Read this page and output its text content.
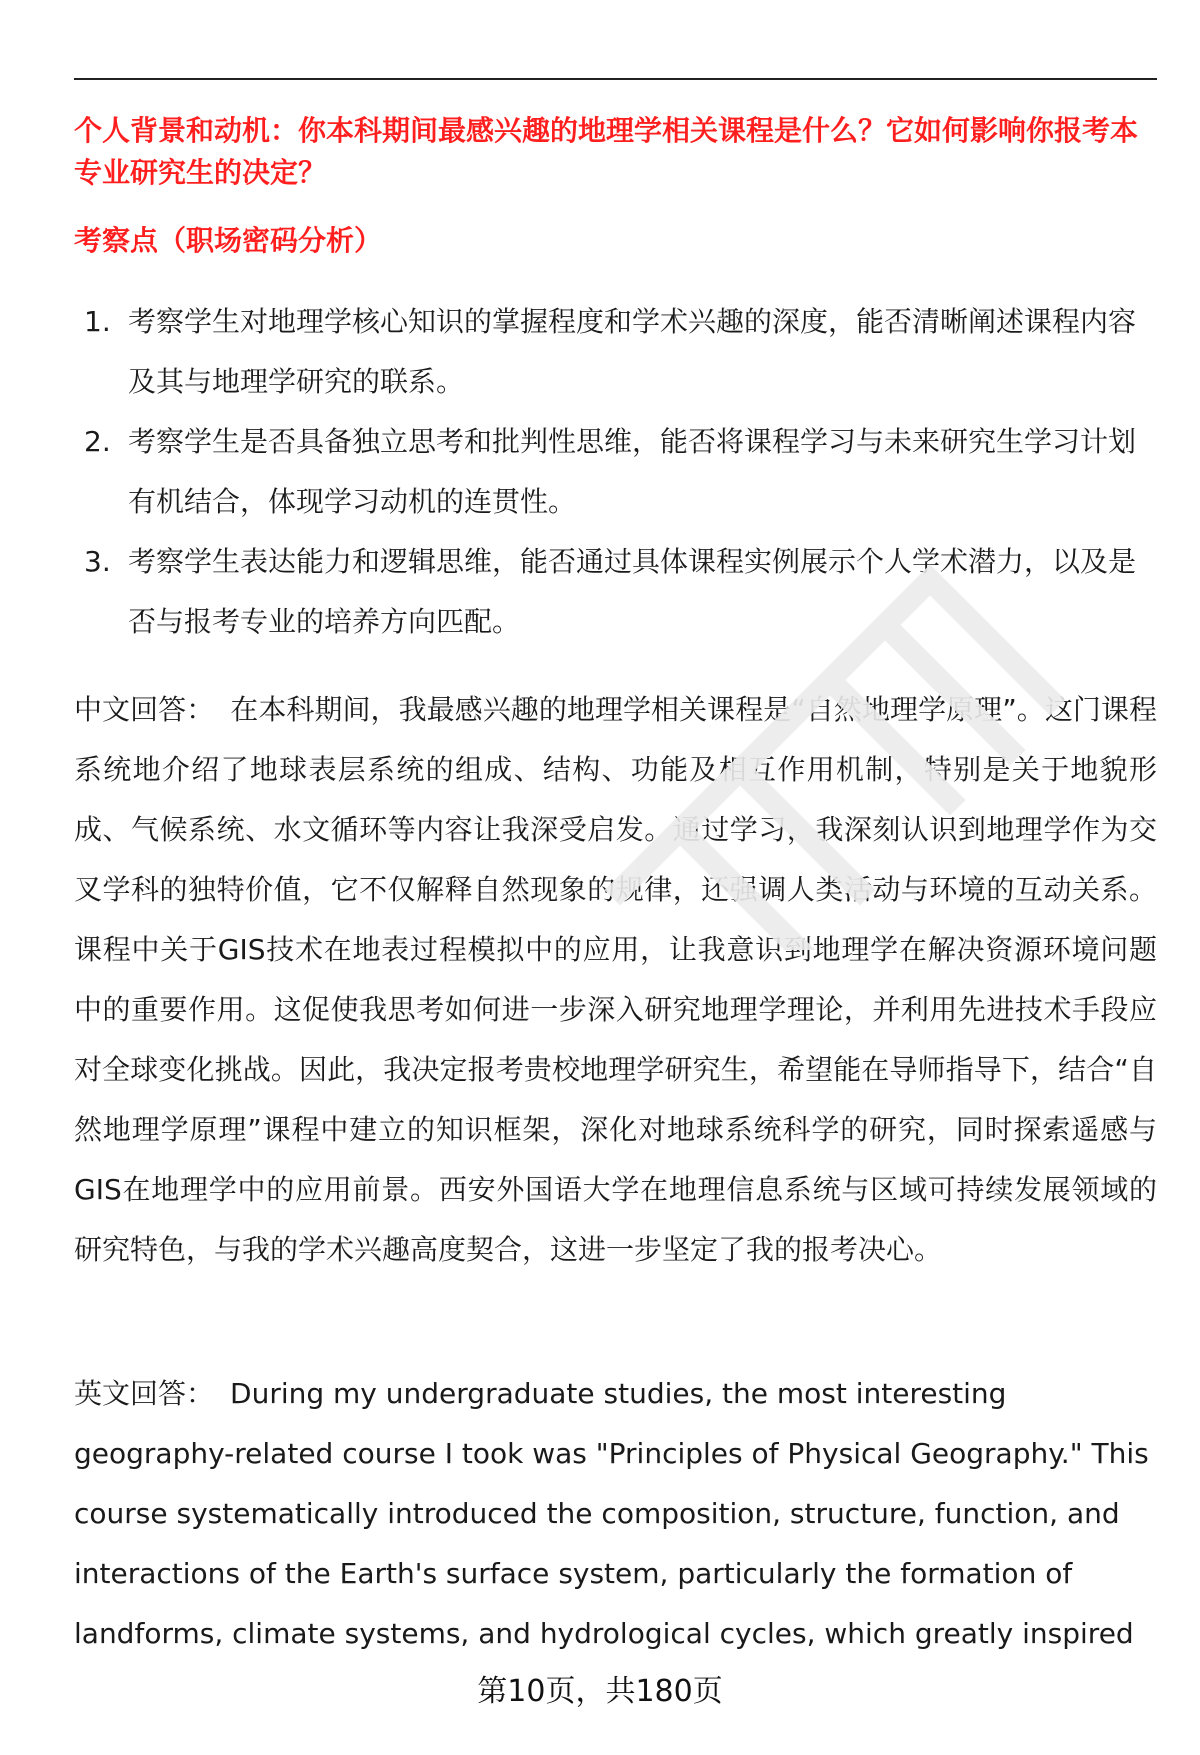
个人背景和动机：你本科期间最感兴趣的地理学相关课程是什么？它如何影响你报考本专业研究生的决定？
考察点（职场密码分析）
1. 考察学生对地理学核心知识的掌握程度和学术兴趣的深度，能否清晰阐述课程内容及其与地理学研究的联系。
2. 考察学生是否具备独立思考和批判性思维，能否将课程学习与未来研究生学习计划有机结合，体现学习动机的连贯性。
3. 考察学生表达能力和逻辑思维，能否通过具体课程实例展示个人学术潜力，以及是否与报考专业的培养方向匹配。

中文回答： 在本科期间，我最感兴趣的地理学相关课程是“自然地理学原理”。这门课程系统地介绍了地球表层系统的组成、结构、功能及相互作用机制，特别是关于地貌形成、气候系统、水文循环等内容让我深受启发。通过学习，我深刻认识到地理学作为交叉学科的独特价值，它不仅解释自然现象的规律，还强调人类活动与环境的互动关系。课程中关于GIS技术在地表过程模拟中的应用，让我意识到地理学在解决资源环境问题中的重要作用。这促使我思考如何进一步深入研究地理学理论，并利用先进技术手段应对全球变化挑战。因此，我决定报考贵校地理学研究生，希望能在导师指导下，结合“自然地理学原理”课程中建立的知识框架，深化对地球系统科学的研究，同时探索遥感与GIS在地理学中的应用前景。西安外国语大学在地理信息系统与区域可持续发展领域的研究特色，与我的学术兴趣高度契合，这进一步坚定了我的报考决心。

英文回答： During my undergraduate studies, the most interesting geography-related course I took was "Principles of Physical Geography." This course systematically introduced the composition, structure, function, and interactions of the Earth's surface system, particularly the formation of landforms, climate systems, and hydrological cycles, which greatly inspired

第10页，共180页
